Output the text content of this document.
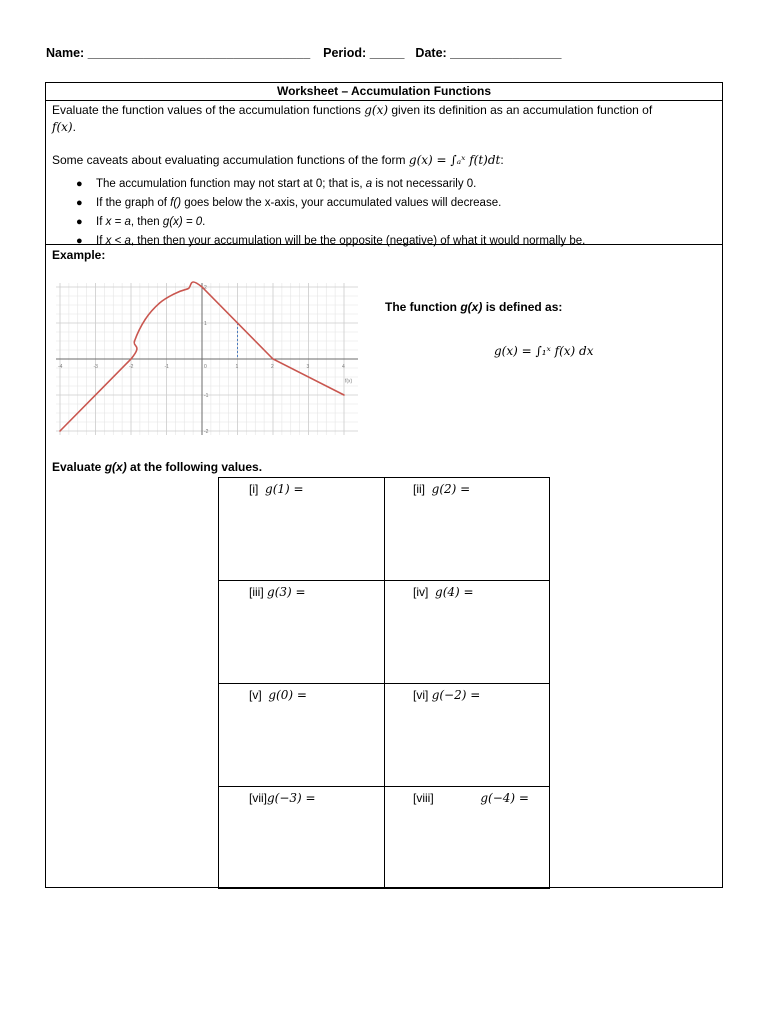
Name: ________________________________ Period: _____ Date: ________________
Worksheet – Accumulation Functions
Evaluate the function values of the accumulation functions g(x) given its definition as an accumulation function of
f(x).
Some caveats about evaluating accumulation functions of the form g(x) = ∫ₐˣ f(t)dt:
● The accumulation function may not start at 0; that is, a is not necessarily 0.
● If the graph of f() goes below the x-axis, your accumulated values will decrease.
● If x = a, then g(x) = 0.
● If x < a, then then your accumulation will be the opposite (negative) of what it would normally be.
Example:
-4	-3	-2	-1	1	2	3	4
-2
-1
1
2
0
f(x)
The function g(x) is defined as:
g(x) = ∫₁ˣ f(x) dx
Evaluate g(x) at the following values.
[i] g(1) =	[ii] g(2) =
[iii] g(3) =	[iv] g(4) =
[v] g(0) =	[vi] g(−2) =
[vii]g(−3) =	[viii]	g(−4) =
